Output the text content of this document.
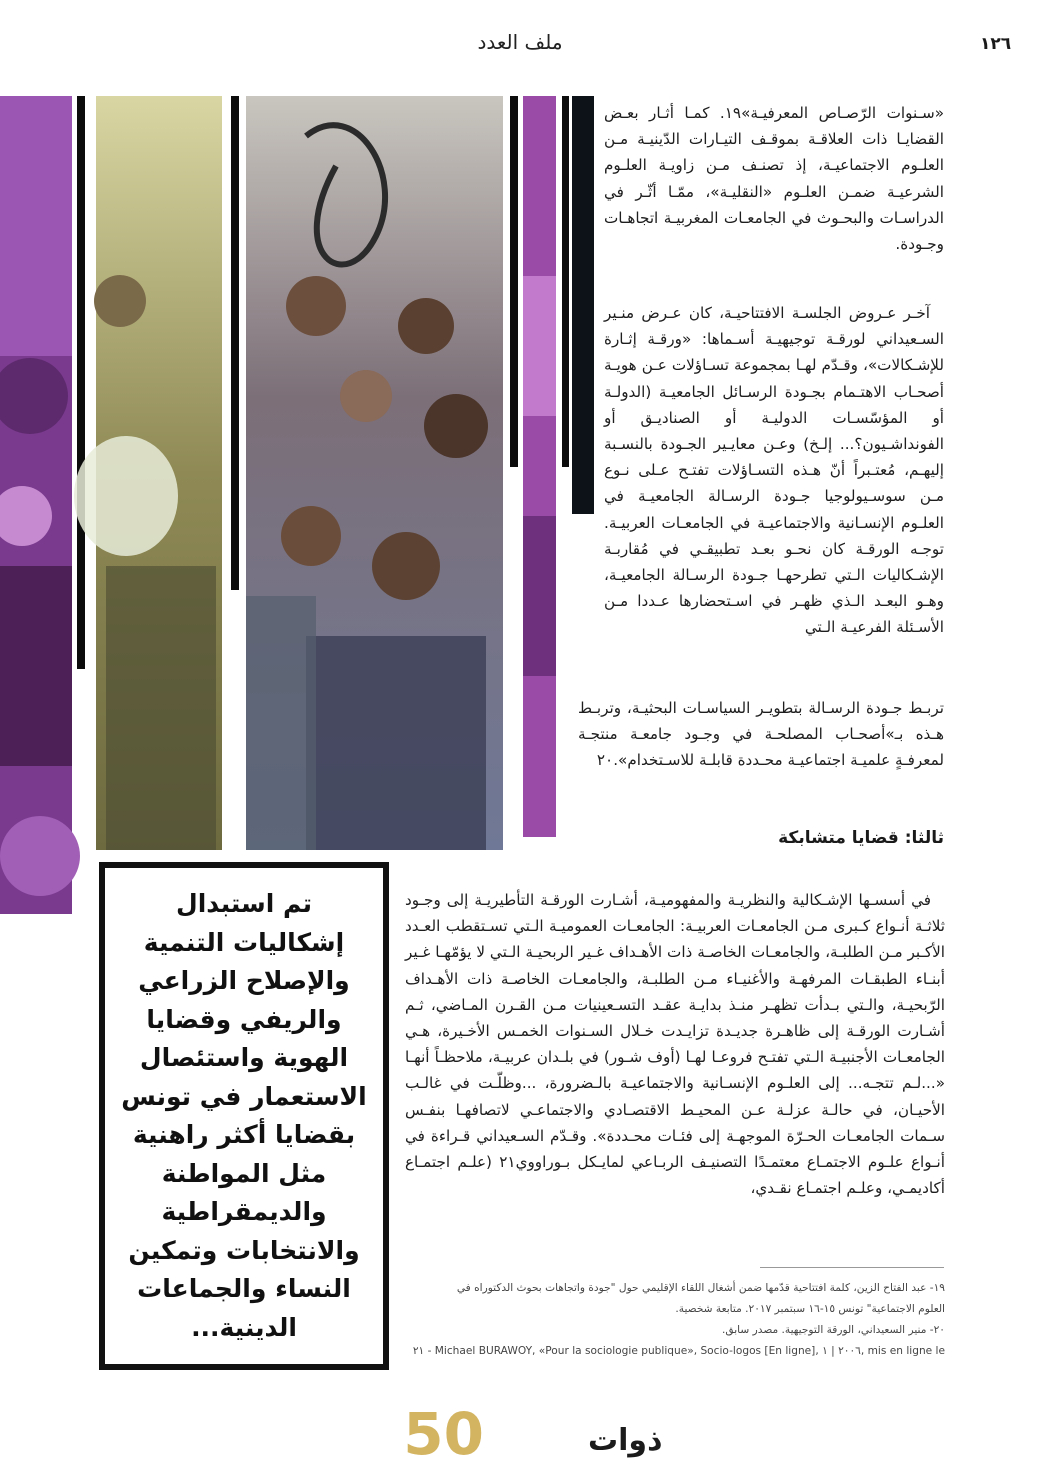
١٢٦
ملف العدد

«سـنوات الرّصـاص المعرفيـة»١٩. كمـا أثـار بعـض القضايـا ذات العلاقـة بموقـف التيـارات الدّينيـة مـن العلـوم الاجتماعيـة، إذ تصنـف مـن زاويـة العلـوم الشرعيـة ضمـن العلـوم «النقليـة»، ممّـا أثّـر في الدراسـات والبحـوث في الجامعـات المغربيـة اتجاهـات وجـودة.

آخـر عـروض الجلسـة الافتتاحيـة، كان عـرض منـير السـعيداني لورقـة توجيهيـة أسـماها: «ورقـة إثـارة للإشـكالات»، وقـدّم لهـا بمجموعة تسـاؤلات عـن هويـة أصحـاب الاهتـمام بجـودة الرسـائل الجامعيـة (الدولـة أو المؤسّسـات الدوليـة أو الصناديـق أو الفونداشـيون؟... إلـخ) وعـن معايـير الجـودة بالنسـبة إليهـم، مُعتـبراً أنّ هـذه التسـاؤلات تفتـح عـلى نـوع مـن سوسـيولوجيا جـودة الرسـالة الجامعيـة في العلـوم الإنسـانية والاجتماعيـة في الجامعـات العربيـة. توجـه الورقـة كان نحـو بعـد تطبيقـي في مُقاربـة الإشـكاليات الـتي تطرحهـا جـودة الرسـالة الجامعيـة، وهـو البعـد الـذي ظهـر في اسـتحضارها عـددا مـن الأسـئلة الفرعيـة الـتي

تربـط جـودة الرسـالة بتطويـر السياسـات البحثيـة، وتربـط هـذه بـ»أصحـاب المصلحـة في وجـود جامعـة منتجـة لمعرفـةٍ علميـة اجتماعيـة محـددة قابلـة للاسـتخدام».٢٠

ثالثا: قضايا متشابكة

في أسسـها الإشـكالية والنظريـة والمفهوميـة، أشـارت الورقـة التأطيريـة إلى وجـود ثلاثـة أنـواع كـبرى مـن الجامعـات العربيـة: الجامعـات العموميـة الـتي تسـتقطب العـدد الأكـبر مـن الطلبـة، والجامعـات الخاصـة ذات الأهـداف غـير الربحيـة الـتي لا يؤمّهـا غـير أبنـاء الطبقـات المرفهـة والأغنيـاء مـن الطلبـة، والجامعـات الخاصـة ذات الأهـداف الرّبحيـة، والـتي بـدأت تظهـر منـذ بدايـة عقـد التسـعينيات مـن القـرن المـاضي، ثـم أشـارت الورقـة إلى ظاهـرة جديـدة تزايـدت خـلال السـنوات الخمـس الأخـيرة، هـي الجامعـات الأجنبيـة الـتي تفتـح فروعـا لهـا (أوف شـور) في بلـدان عربيـة، ملاحظـاً أنهـا «...لـم تتجـه... إلى العلـوم الإنسـانية والاجتماعيـة بالـضرورة، ...وظلّـت في غالـب الأحيـان، في حالـة عزلـة عـن المحيـط الاقتصـادي والاجتماعـي لاتصافهـا بنفـس سـمات الجامعـات الحـرّة الموجهـة إلى فئـات محـددة». وقـدّم السـعيداني قـراءة في أنـواع علـوم الاجتمـاع معتمـدًا التصنيـف الربـاعي لمايـكل بـوراووي٢١ (علـم اجتمـاع أكاديمـي، وعلـم اجتمـاع نقـدي،

تم استبدال إشكاليات التنمية والإصلاح الزراعي والريفي وقضايا الهوية واستئصال الاستعمار في تونس بقضايا أكثر راهنية مثل المواطنة والديمقراطية والانتخابات وتمكين النساء والجماعات الدينية...

١٩- عبد الفتاح الزين، كلمة افتتاحية قدّمها ضمن أشغال اللقاء الإقليمي حول "جودة واتجاهات بحوث الدكتوراه في
العلوم الاجتماعية" تونس ١٥-١٦ سبتمبر ٢٠١٧. متابعة شخصية.
٢٠- منير السعيداني، الورقة التوجيهية. مصدر سابق.
٢١ - Michael BURAWOY, «Pour la sociologie publique», Socio-logos [En ligne], ٢٠٠٦ | ١, mis en ligne le
50	ذوات
